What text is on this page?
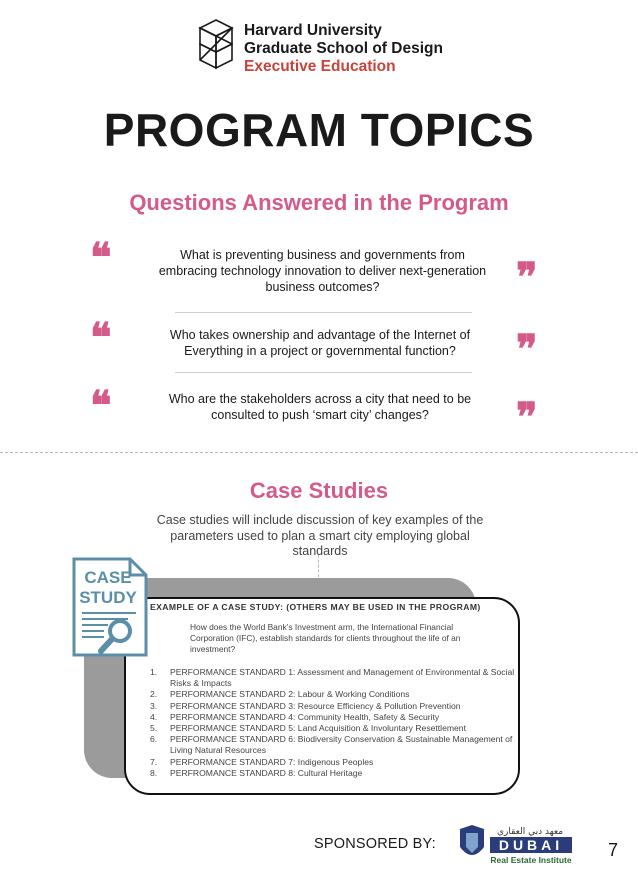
Harvard University
Graduate School of Design
Executive Education
PROGRAM TOPICS
Questions Answered in the Program
❝	What is preventing business and governments from embracing technology innovation to deliver next-generation business outcomes?	❞
❝	Who takes ownership and advantage of the Internet of Everything in a project or governmental function?	❞
❝	Who are the stakeholders across a city that need to be consulted to push ‘smart city’ changes?	❞
Case Studies
Case studies will include discussion of key examples of the parameters used to plan a smart city employing global standards
CASE
STUDY EXAMPLE OF A CASE STUDY: (OTHERS MAY BE USED IN THE PROGRAM)
How does the World Bank’s Investment arm, the International Financial Corporation (IFC), establish standards for clients throughout the life of an investment?
1.	PERFORMANCE STANDARD 1: Assessment and Management of Environmental & Social Risks & Impacts
2.	PERFORMANCE STANDARD 2: Labour & Working Conditions
3.	PERFORMANCE STANDARD 3: Resource Efficiency & Pollution Prevention
4.	PERFORMANCE STANDARD 4: Community Health, Safety & Security
5.	PERFORMANCE STANDARD 5: Land Acquisition & Involuntary Resettlement
6.	PERFORMANCE STANDARD 6: Biodiversity Conservation & Sustainable Management of Living Natural Resources
7.	PERFORMANCE STANDARD 7: Indigenous Peoples
8.	PERFROMANCE STANDARD 8: Cultural Heritage
SPONSORED BY:
معهد دبي العقاري
DUBAI
Real Estate Institute 7
